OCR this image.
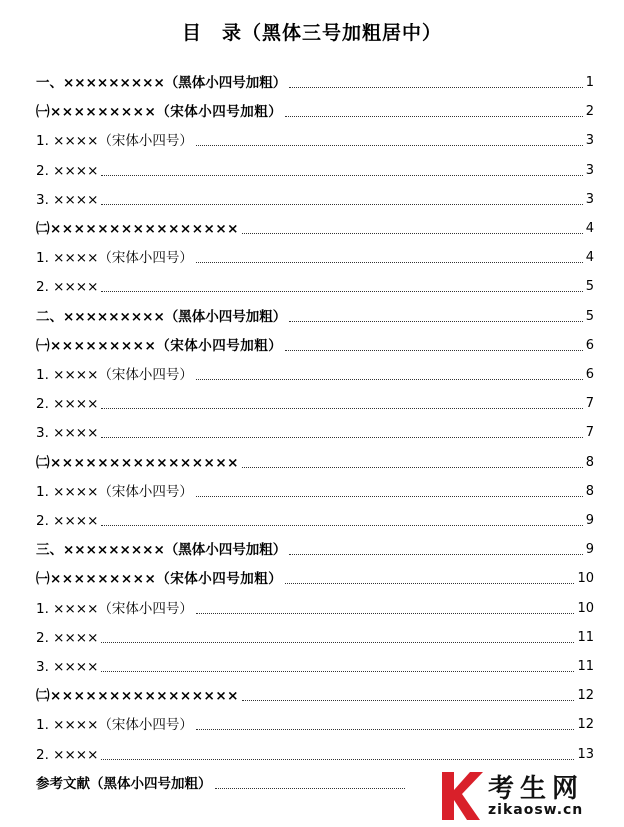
目　录（黑体三号加粗居中）
一、×××××××××（黑体小四号加粗）	1
㈠×××××××××（宋体小四号加粗）	2
1. ××××（宋体小四号）	3
2. ××××	3
3. ××××	3
㈡××××××××××××××××	4
1. ××××（宋体小四号）	4
2. ××××	5
二、×××××××××（黑体小四号加粗）	5
㈠×××××××××（宋体小四号加粗）	6
1. ××××（宋体小四号）	6
2. ××××	7
3. ××××	7
㈡××××××××××××××××	8
1. ××××（宋体小四号）	8
2. ××××	9
三、×××××××××（黑体小四号加粗）	9
㈠×××××××××（宋体小四号加粗）	10
1. ××××（宋体小四号）	10
2. ××××	11
3. ××××	11
㈡××××××××××××××××	12
1. ××××（宋体小四号）	12
2. ××××	13
参考文献（黑体小四号加粗）	考生网
zikaosw.cn
